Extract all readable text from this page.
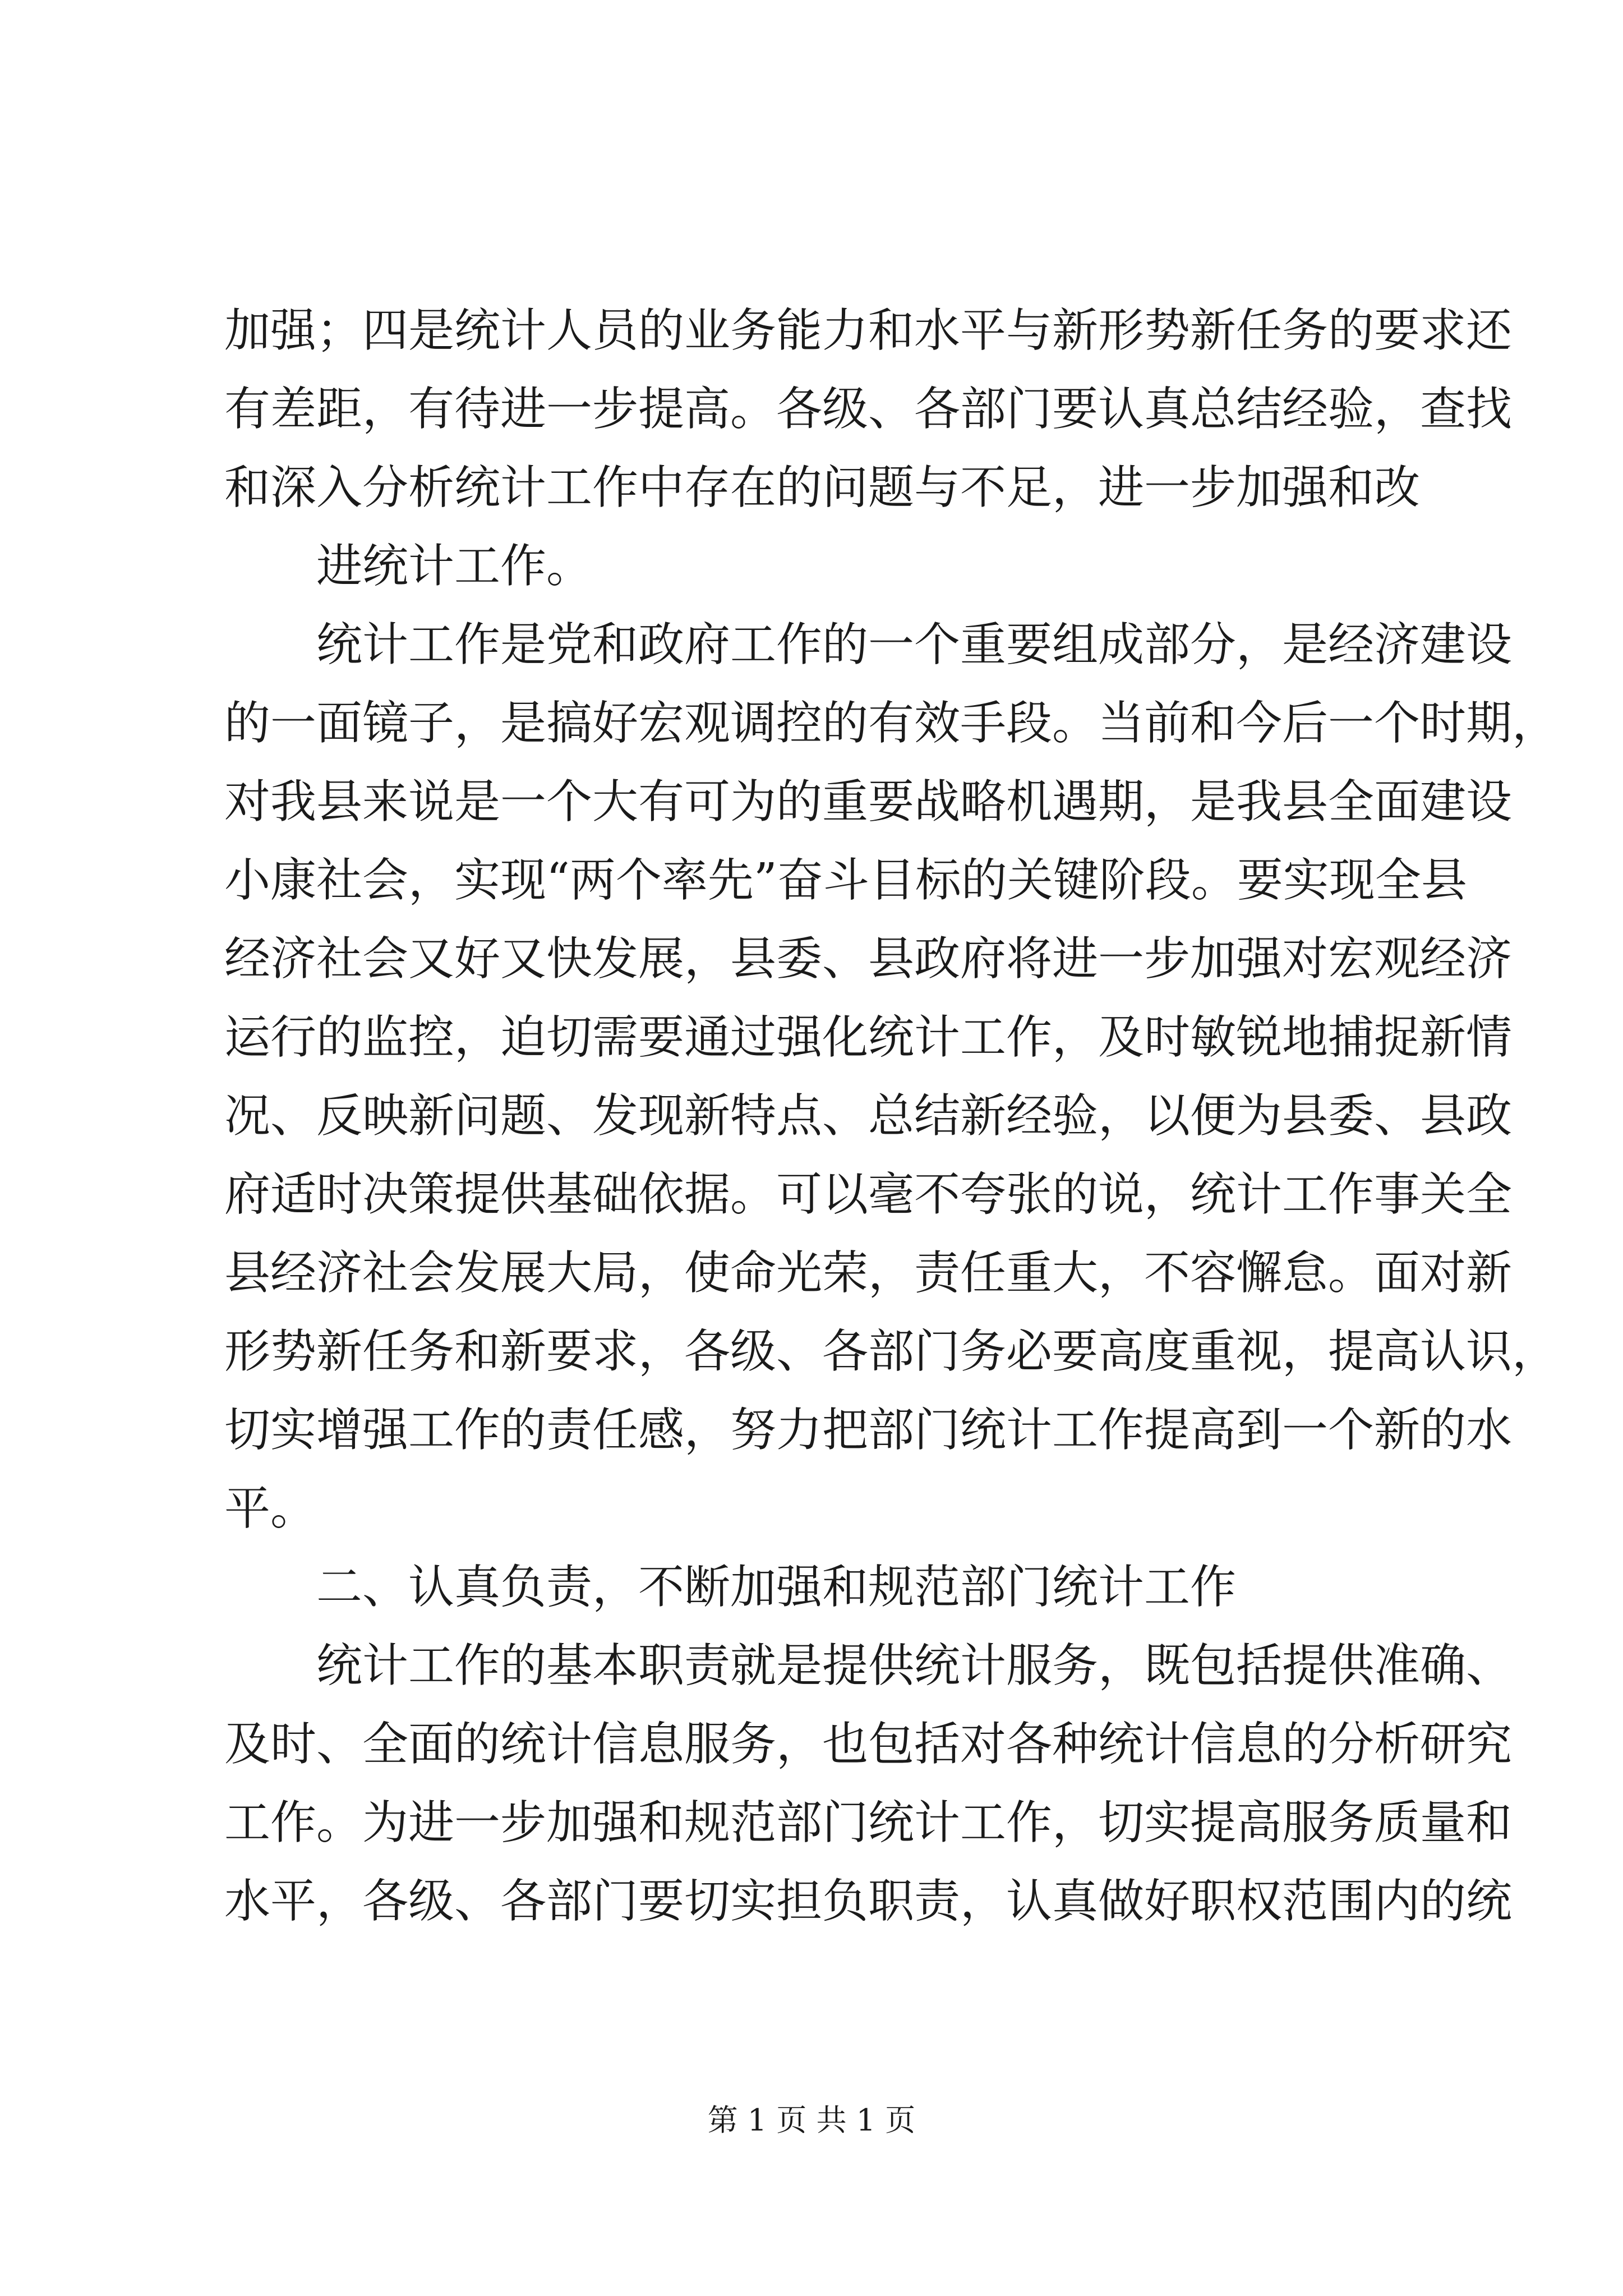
加强；四是统计人员的业务能力和水平与新形势新任务的要求还
有差距，有待进一步提高。各级、各部门要认真总结经验，查找
和深入分析统计工作中存在的问题与不足，进一步加强和改
进统计工作。
统计工作是党和政府工作的一个重要组成部分，是经济建设
的一面镜子，是搞好宏观调控的有效手段。当前和今后一个时期，
对我县来说是一个大有可为的重要战略机遇期，是我县全面建设
小康社会，实现“两个率先”奋斗目标的关键阶段。要实现全县
经济社会又好又快发展，县委、县政府将进一步加强对宏观经济
运行的监控，迫切需要通过强化统计工作，及时敏锐地捕捉新情
况、反映新问题、发现新特点、总结新经验，以便为县委、县政
府适时决策提供基础依据。可以毫不夸张的说，统计工作事关全
县经济社会发展大局，使命光荣，责任重大，不容懈怠。面对新
形势新任务和新要求，各级、各部门务必要高度重视，提高认识，
切实增强工作的责任感，努力把部门统计工作提高到一个新的水
平。
二、认真负责，不断加强和规范部门统计工作
统计工作的基本职责就是提供统计服务，既包括提供准确、
及时、全面的统计信息服务，也包括对各种统计信息的分析研究
工作。为进一步加强和规范部门统计工作，切实提高服务质量和
水平，各级、各部门要切实担负职责，认真做好职权范围内的统
第 1 页 共 1 页
